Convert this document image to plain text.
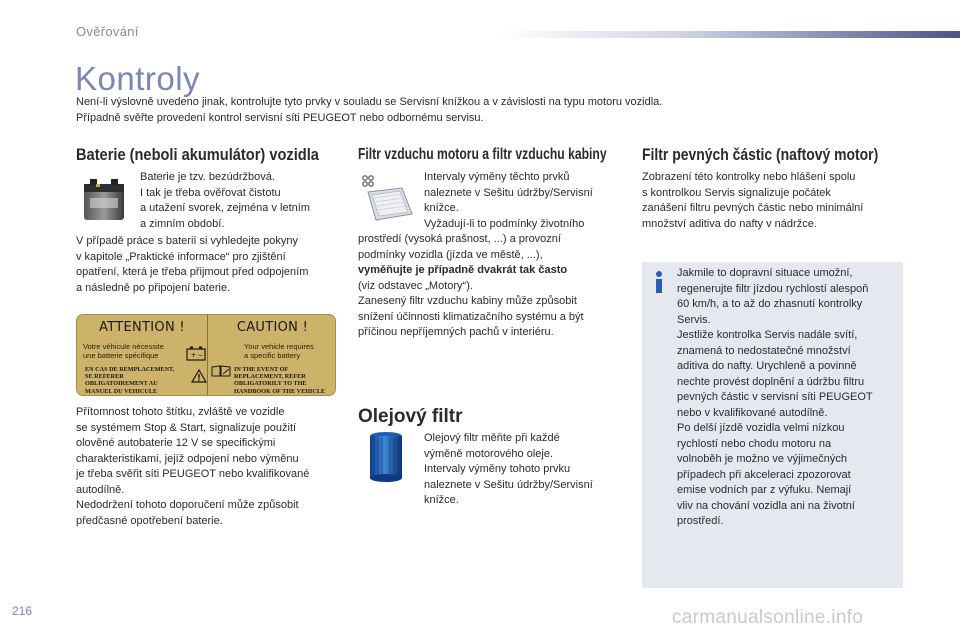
Ověřování
Kontroly
Není-li výslovně uvedeno jinak, kontrolujte tyto prvky v souladu se Servisní knížkou a v závislosti na typu motoru vozidla.
Případně svěřte provedení kontrol servisní síti PEUGEOT nebo odbornému servisu.
Baterie (neboli akumulátor) vozidla
Baterie je tzv. bezúdržbová.
I tak je třeba ověřovat čistotu
a utažení svorek, zejména v letním
a zimním období.
V případě práce s baterií si vyhledejte pokyny
v kapitole „Praktické informace“ pro zjištění
opatření, která je třeba přijmout před odpojením
a následně po připojení baterie.
ATTENTION !
Votre véhicule nécessite
une batterie spécifique	+ −
EN CAS DE REMPLACEMENT,
SE REFERER
OBLIGATOIREMENT AU
MANUEL DU VEHICULE
CAUTION !
Your vehicle requires
a specific battery
IN THE EVENT OF
REPLACEMENT, REFER
OBLIGATORILY TO THE
HANDBOOK OF THE VEHICLE
Přítomnost tohoto štítku, zvláště ve vozidle
se systémem Stop & Start, signalizuje použití
olověné autobaterie 12 V se specifickými
charakteristikami, jejíž odpojení nebo výměnu
je třeba svěřit síti PEUGEOT nebo kvalifikované
autodílně.
Nedodržení tohoto doporučení může způsobit
předčasné opotřebení baterie.
Filtr vzduchu motoru a filtr vzduchu kabiny
Intervaly výměny těchto prvků
naleznete v Sešitu údržby/Servisní
knížce.
Vyžadují-li to podmínky životního
prostředí (vysoká prašnost, ...) a provozní
podmínky vozidla (jízda ve městě, ...),
vyměňujte je případně dvakrát tak často
(viz odstavec „Motory“).
Zanesený filtr vzduchu kabiny může způsobit
snížení účinnosti klimatizačního systému a být
příčinou nepříjemných pachů v interiéru.
Olejový filtr
Olejový filtr měňte při každé
výměně motorového oleje.
Intervaly výměny tohoto prvku
naleznete v Sešitu údržby/Servisní
knížce.
Filtr pevných částic (naftový motor)
Zobrazení této kontrolky nebo hlášení spolu
s kontrolkou Servis signalizuje počátek
zanášení filtru pevných částic nebo minimální
množství aditiva do nafty v nádržce.
Jakmile to dopravní situace umožní,
regenerujte filtr jízdou rychlostí alespoň
60 km/h, a to až do zhasnutí kontrolky
Servis.
Jestliže kontrolka Servis nadále svítí,
znamená to nedostatečné množství
aditiva do nafty. Urychleně a povinně
nechte provést doplnění a údržbu filtru
pevných částic v servisní síti PEUGEOT
nebo v kvalifikované autodílně.
Po delší jízdě vozidla velmi nízkou
rychlostí nebo chodu motoru na
volnoběh je možno ve výjimečných
případech při akceleraci zpozorovat
emise vodních par z výfuku. Nemají
vliv na chování vozidla ani na životní
prostředí.
216	carmanualsonline.info
